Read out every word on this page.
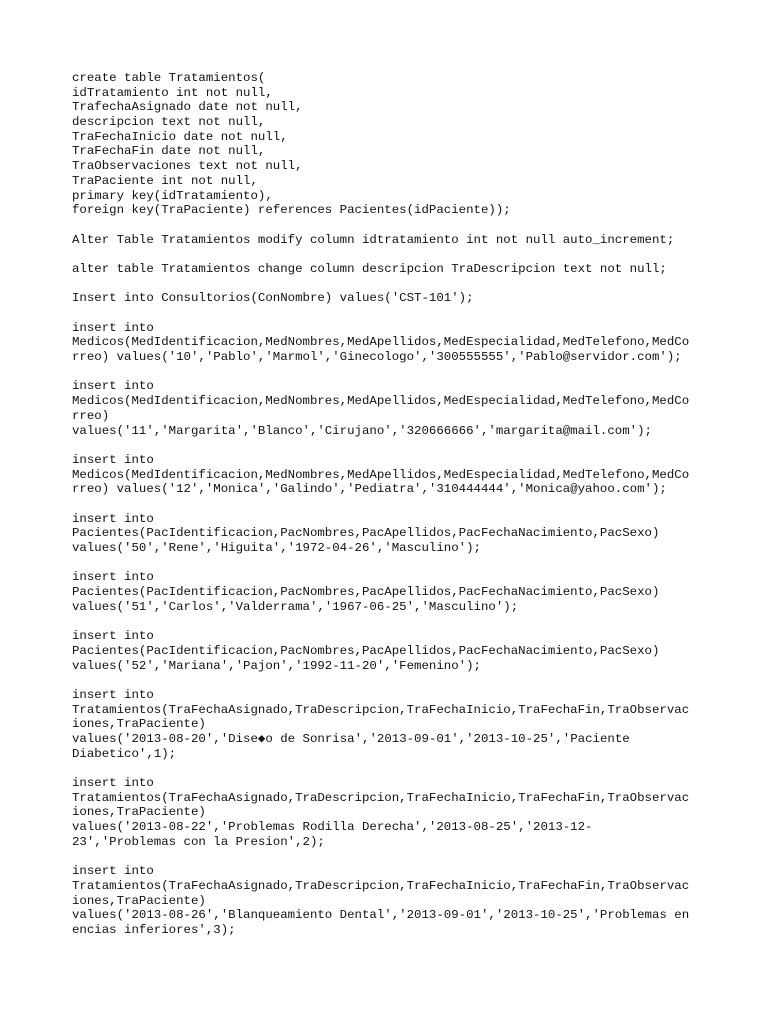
create table Tratamientos(
idTratamiento int not null,
TrafechaAsignado date not null,
descripcion text not null,
TraFechaInicio date not null,
TraFechaFin date not null,
TraObservaciones text not null,
TraPaciente int not null,
primary key(idTratamiento),
foreign key(TraPaciente) references Pacientes(idPaciente));
Alter Table Tratamientos modify column idtratamiento int not null auto_increment;
alter table Tratamientos change column descripcion TraDescripcion text not null;
Insert into Consultorios(ConNombre) values('CST-101');
insert into
Medicos(MedIdentificacion,MedNombres,MedApellidos,MedEspecialidad,MedTelefono,MedCo
rreo) values('10','Pablo','Marmol','Ginecologo','300555555','Pablo@servidor.com');
insert into
Medicos(MedIdentificacion,MedNombres,MedApellidos,MedEspecialidad,MedTelefono,MedCo
rreo)
values('11','Margarita','Blanco','Cirujano','320666666','margarita@mail.com');
insert into
Medicos(MedIdentificacion,MedNombres,MedApellidos,MedEspecialidad,MedTelefono,MedCo
rreo) values('12','Monica','Galindo','Pediatra','310444444','Monica@yahoo.com');
insert into
Pacientes(PacIdentificacion,PacNombres,PacApellidos,PacFechaNacimiento,PacSexo)
values('50','Rene','Higuita','1972-04-26','Masculino');
insert into
Pacientes(PacIdentificacion,PacNombres,PacApellidos,PacFechaNacimiento,PacSexo)
values('51','Carlos','Valderrama','1967-06-25','Masculino');
insert into
Pacientes(PacIdentificacion,PacNombres,PacApellidos,PacFechaNacimiento,PacSexo)
values('52','Mariana','Pajon','1992-11-20','Femenino');
insert into
Tratamientos(TraFechaAsignado,TraDescripcion,TraFechaInicio,TraFechaFin,TraObservac
iones,TraPaciente)
values('2013-08-20','Dise◆o de Sonrisa','2013-09-01','2013-10-25','Paciente
Diabetico',1);
insert into
Tratamientos(TraFechaAsignado,TraDescripcion,TraFechaInicio,TraFechaFin,TraObservac
iones,TraPaciente)
values('2013-08-22','Problemas Rodilla Derecha','2013-08-25','2013-12-
23','Problemas con la Presion',2);
insert into
Tratamientos(TraFechaAsignado,TraDescripcion,TraFechaInicio,TraFechaFin,TraObservac
iones,TraPaciente)
values('2013-08-26','Blanqueamiento Dental','2013-09-01','2013-10-25','Problemas en
encias inferiores',3);
